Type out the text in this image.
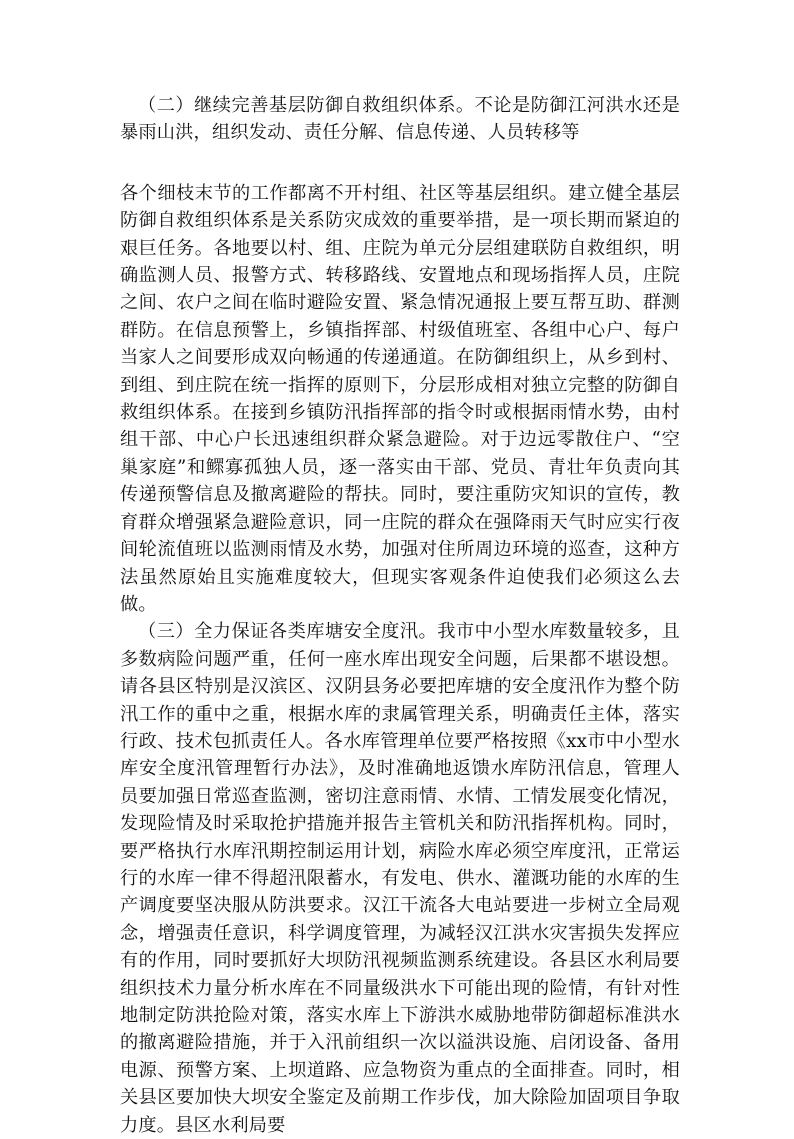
（二）继续完善基层防御自救组织体系。不论是防御江河洪水还是暴雨山洪，组织发动、责任分解、信息传递、人员转移等

各个细枝末节的工作都离不开村组、社区等基层组织。建立健全基层防御自救组织体系是关系防灾成效的重要举措，是一项长期而紧迫的艰巨任务。各地要以村、组、庄院为单元分层组建联防自救组织，明确监测人员、报警方式、转移路线、安置地点和现场指挥人员，庄院之间、农户之间在临时避险安置、紧急情况通报上要互帮互助、群测群防。在信息预警上，乡镇指挥部、村级值班室、各组中心户、每户当家人之间要形成双向畅通的传递通道。在防御组织上，从乡到村、到组、到庄院在统一指挥的原则下，分层形成相对独立完整的防御自救组织体系。在接到乡镇防汛指挥部的指令时或根据雨情水势，由村组干部、中心户长迅速组织群众紧急避险。对于边远零散住户、“空巢家庭”和鳏寡孤独人员，逐一落实由干部、党员、青壮年负责向其传递预警信息及撤离避险的帮扶。同时，要注重防灾知识的宣传，教育群众增强紧急避险意识，同一庄院的群众在强降雨天气时应实行夜间轮流值班以监测雨情及水势，加强对住所周边环境的巡查，这种方法虽然原始且实施难度较大，但现实客观条件迫使我们必须这么去做。

（三）全力保证各类库塘安全度汛。我市中小型水库数量较多，且多数病险问题严重，任何一座水库出现安全问题，后果都不堪设想。请各县区特别是汉滨区、汉阴县务必要把库塘的安全度汛作为整个防汛工作的重中之重，根据水库的隶属管理关系，明确责任主体，落实行政、技术包抓责任人。各水库管理单位要严格按照《xx市中小型水库安全度汛管理暂行办法》，及时准确地返馈水库防汛信息，管理人员要加强日常巡查监测，密切注意雨情、水情、工情发展变化情况，发现险情及时采取抢护措施并报告主管机关和防汛指挥机构。同时，要严格执行水库汛期控制运用计划，病险水库必须空库度汛，正常运行的水库一律不得超汛限蓄水，有发电、供水、灌溉功能的水库的生产调度要坚决服从防洪要求。汉江干流各大电站要进一步树立全局观念，增强责任意识，科学调度管理，为减轻汉江洪水灾害损失发挥应有的作用，同时要抓好大坝防汛视频监测系统建设。各县区水利局要组织技术力量分析水库在不同量级洪水下可能出现的险情，有针对性地制定防洪抢险对策，落实水库上下游洪水威胁地带防御超标准洪水的撤离避险措施，并于入汛前组织一次以溢洪设施、启闭设备、备用电源、预警方案、上坝道路、应急物资为重点的全面排查。同时，相关县区要加快大坝安全鉴定及前期工作步伐，加大除险加固项目争取力度。县区水利局要
